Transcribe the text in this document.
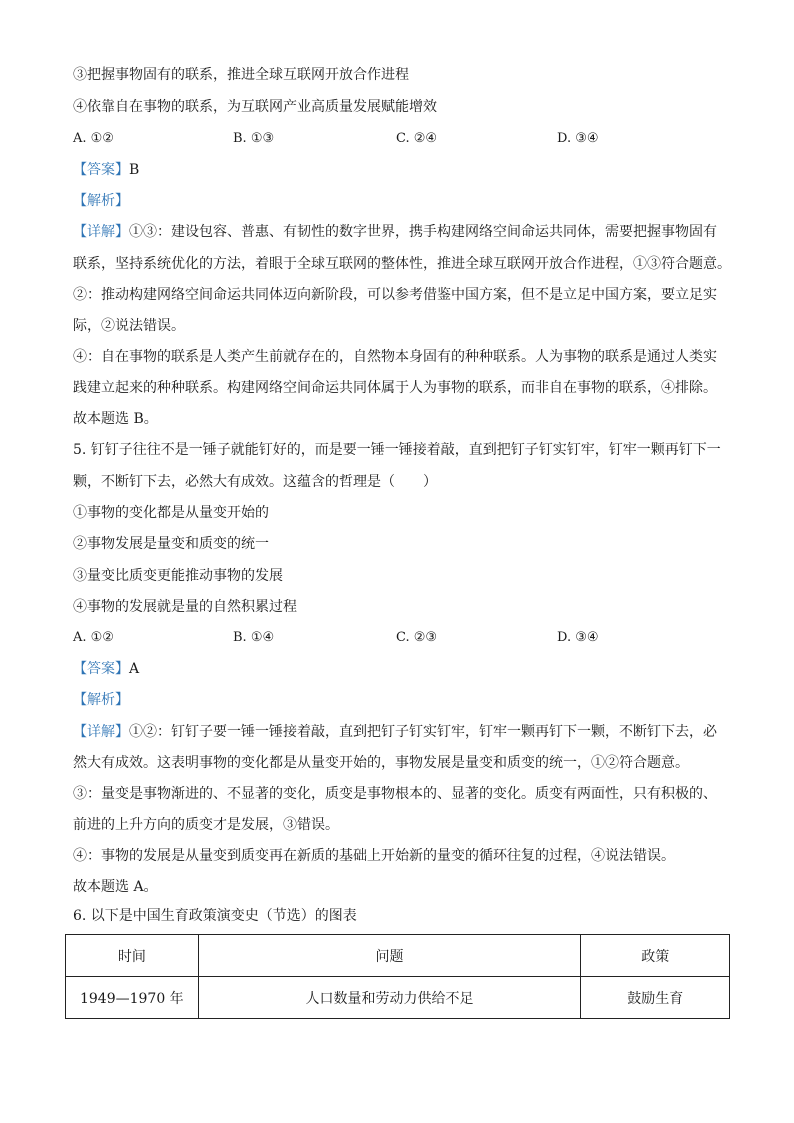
③把握事物固有的联系，推进全球互联网开放合作进程
④依靠自在事物的联系，为互联网产业高质量发展赋能增效
A. ①②	B. ①③	C. ②④	D. ③④
【答案】B
【解析】
【详解】①③：建设包容、普惠、有韧性的数字世界，携手构建网络空间命运共同体，需要把握事物固有
联系，坚持系统优化的方法，着眼于全球互联网的整体性，推进全球互联网开放合作进程，①③符合题意。
②：推动构建网络空间命运共同体迈向新阶段，可以参考借鉴中国方案，但不是立足中国方案，要立足实
际，②说法错误。
④：自在事物的联系是人类产生前就存在的，自然物本身固有的种种联系。人为事物的联系是通过人类实
践建立起来的种种联系。构建网络空间命运共同体属于人为事物的联系，而非自在事物的联系，④排除。
故本题选 B。
5. 钉钉子往往不是一锤子就能钉好的，而是要一锤一锤接着敲，直到把钉子钉实钉牢，钉牢一颗再钉下一
颗，不断钉下去，必然大有成效。这蕴含的哲理是（　　）
①事物的变化都是从量变开始的
②事物发展是量变和质变的统一
③量变比质变更能推动事物的发展
④事物的发展就是量的自然积累过程
A. ①②	B. ①④	C. ②③	D. ③④
【答案】A
【解析】
【详解】①②：钉钉子要一锤一锤接着敲，直到把钉子钉实钉牢，钉牢一颗再钉下一颗，不断钉下去，必
然大有成效。这表明事物的变化都是从量变开始的，事物发展是量变和质变的统一，①②符合题意。
③：量变是事物渐进的、不显著的变化，质变是事物根本的、显著的变化。质变有两面性，只有积极的、
前进的上升方向的质变才是发展，③错误。
④：事物的发展是从量变到质变再在新质的基础上开始新的量变的循环往复的过程，④说法错误。
故本题选 A。
6. 以下是中国生育政策演变史（节选）的图表
时间	问题	政策
1949—1970 年	人口数量和劳动力供给不足	鼓励生育
